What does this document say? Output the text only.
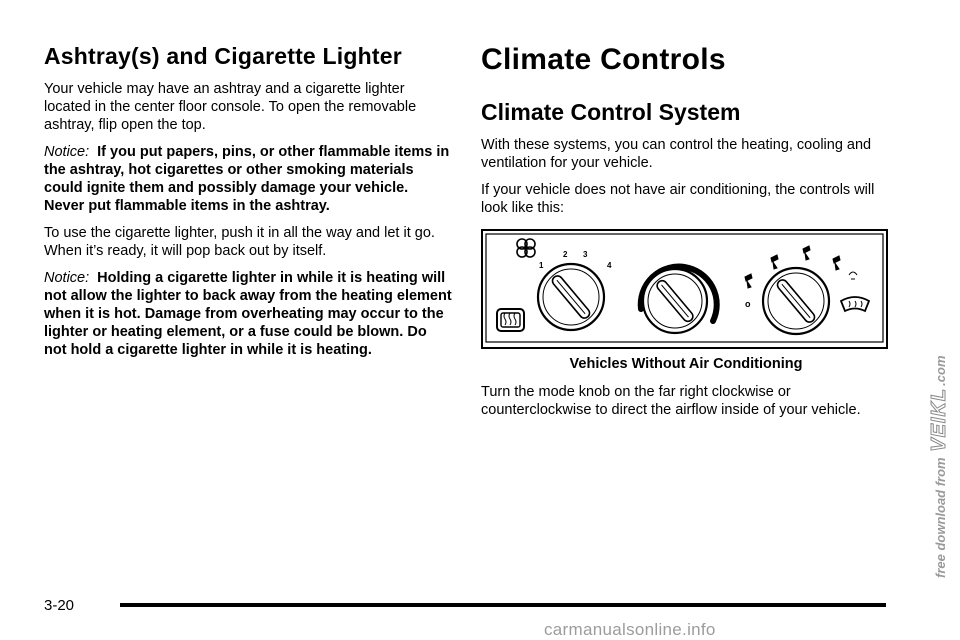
Ashtray(s) and Cigarette Lighter

Your vehicle may have an ashtray and a cigarette lighter located in the center floor console. To open the removable ashtray, flip open the top.

Notice: If you put papers, pins, or other flammable items in the ashtray, hot cigarettes or other smoking materials could ignite them and possibly damage your vehicle. Never put flammable items in the ashtray.

To use the cigarette lighter, push it in all the way and let it go. When it’s ready, it will pop back out by itself.

Notice: Holding a cigarette lighter in while it is heating will not allow the lighter to back away from the heating element when it is hot. Damage from overheating may occur to the lighter or heating element, or a fuse could be blown. Do not hold a cigarette lighter in while it is heating.

Climate Controls
Climate Control System

With these systems, you can control the heating, cooling and ventilation for your vehicle.

If your vehicle does not have air conditioning, the controls will look like this:

1
2 3
4
o
Vehicles Without Air Conditioning

Turn the mode knob on the far right clockwise or counterclockwise to direct the airflow inside of your vehicle.

3-20
free download from VEIKL.com
carmanualsonline.info
